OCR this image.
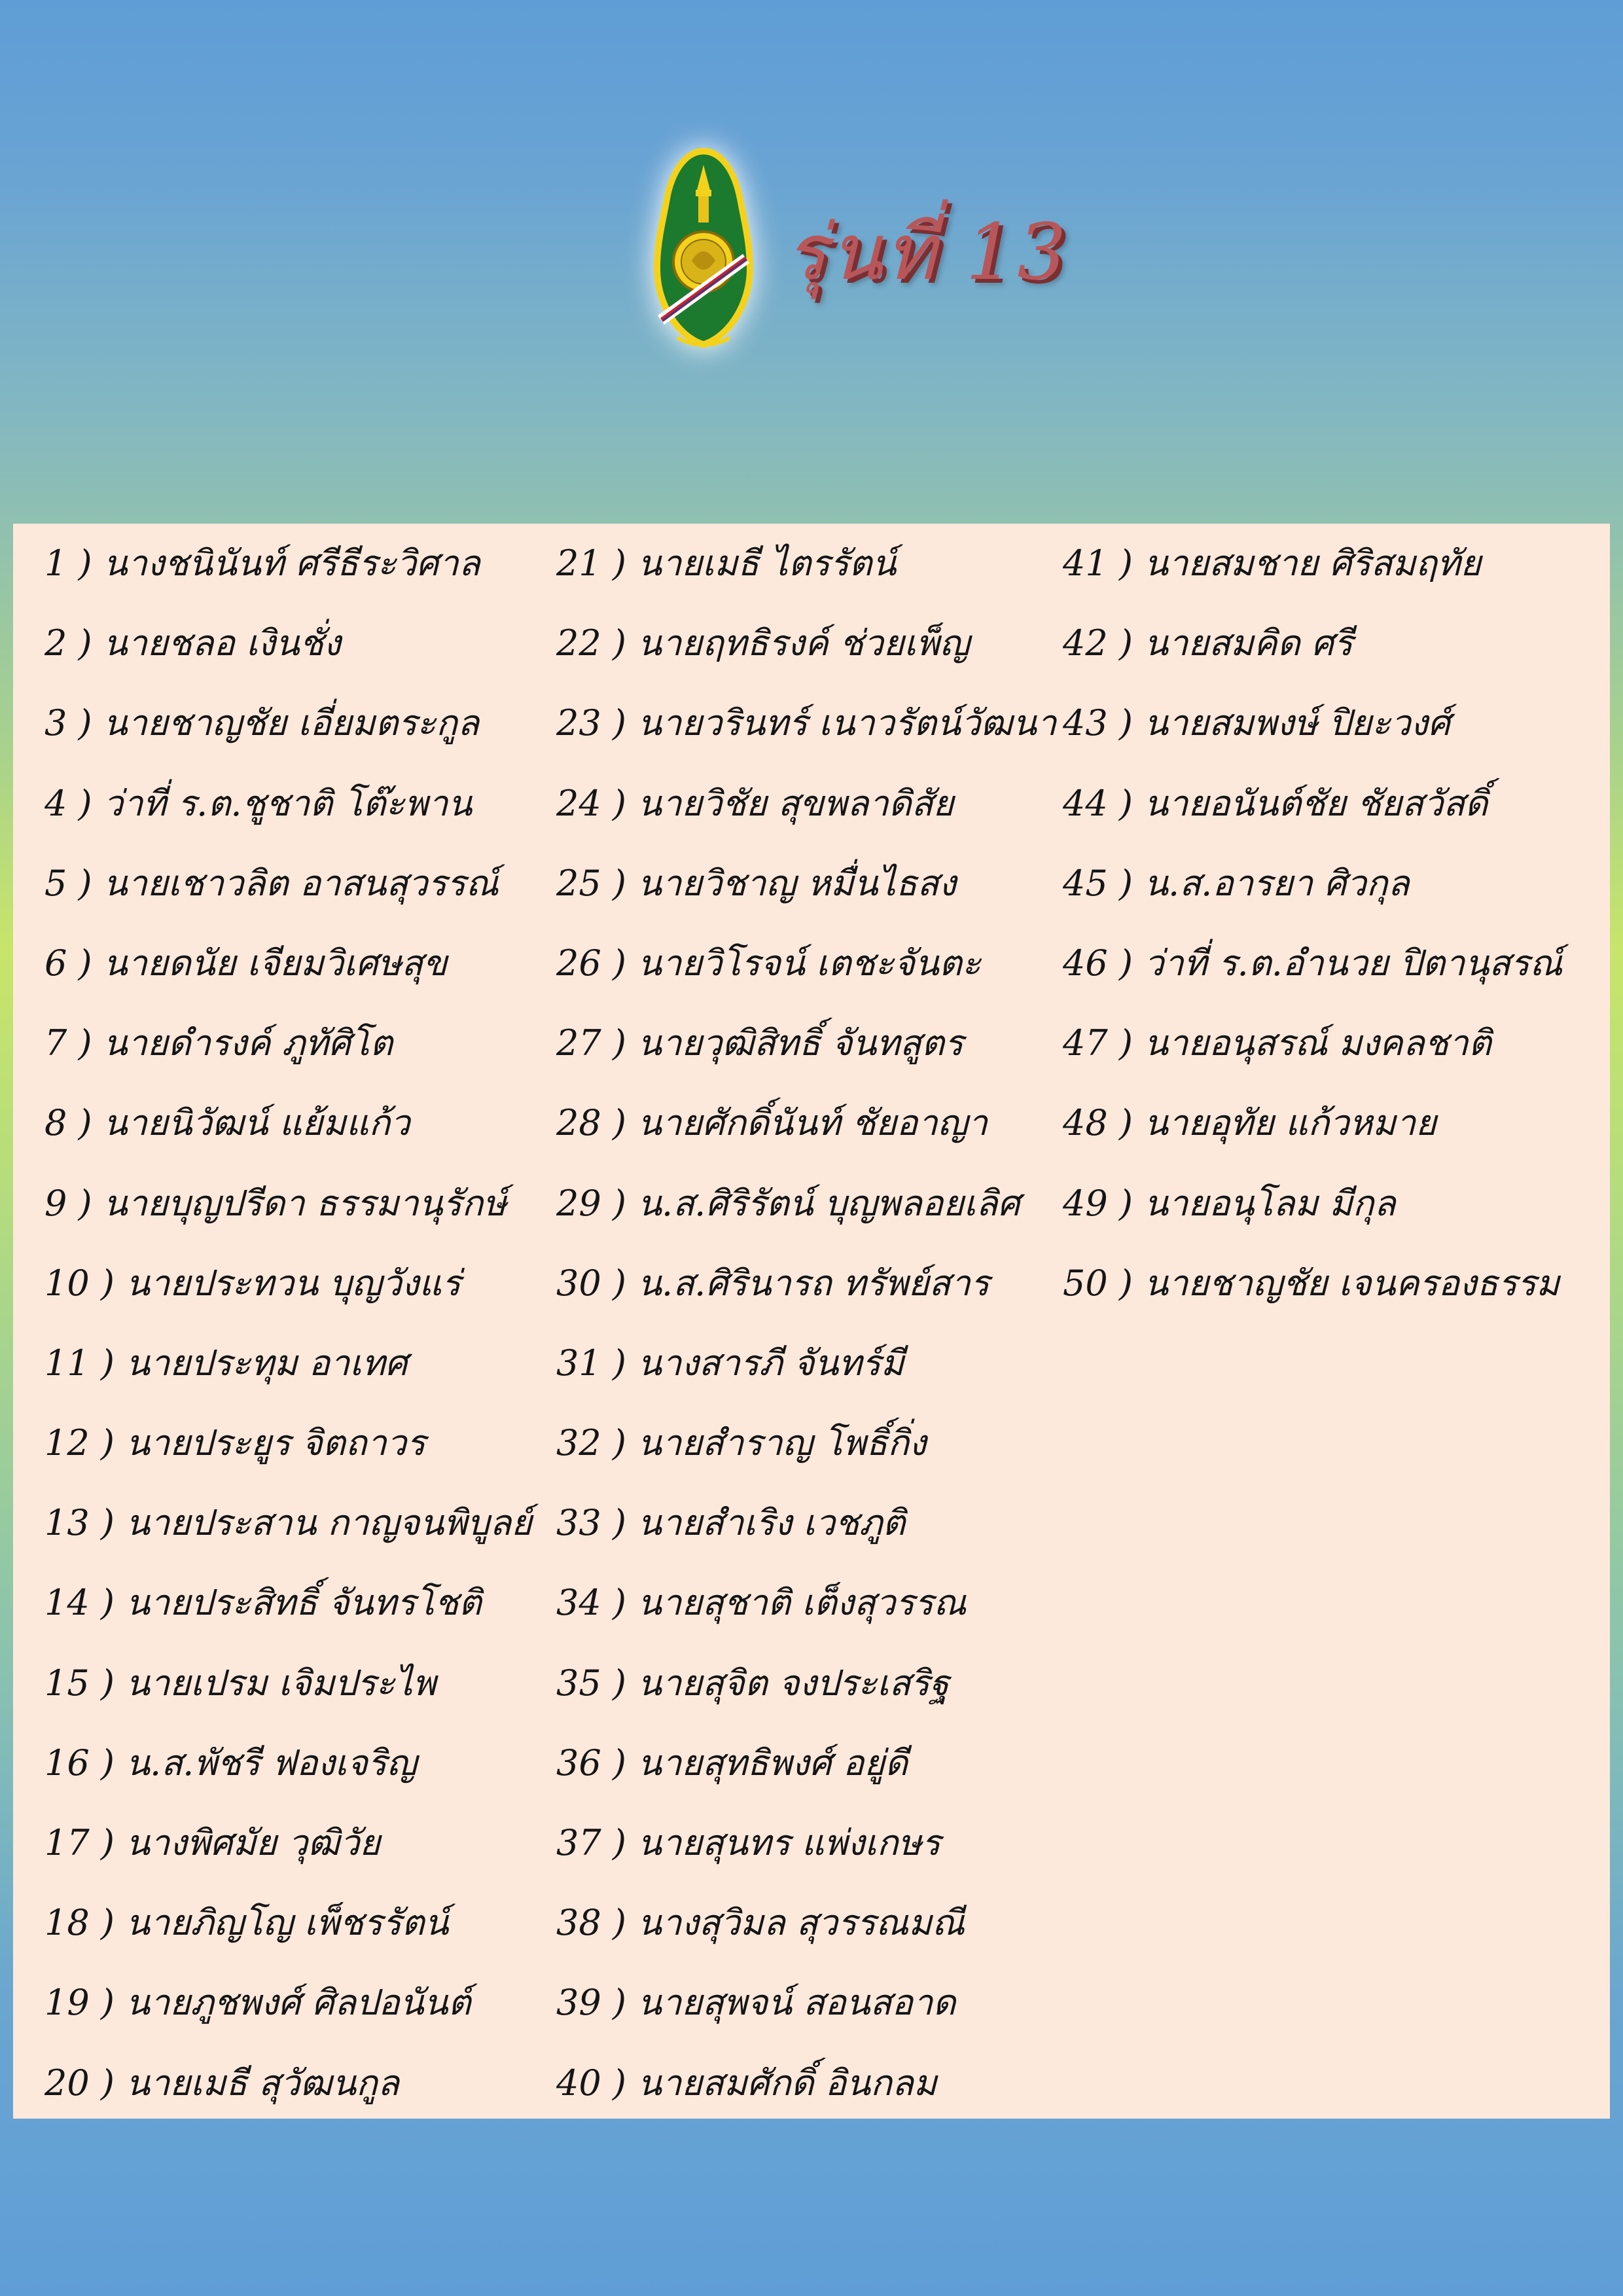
รุ่นที่ 13
1 ) นางชนินันท์ ศรีธีระวิศาล
2 ) นายชลอ เงินชั่ง
3 ) นายชาญชัย เอี่ยมตระกูล
4 ) ว่าที่ ร.ต.ชูชาติ โต๊ะพาน
5 ) นายเชาวลิต อาสนสุวรรณ์
6 ) นายดนัย เจียมวิเศษสุข
7 ) นายดำรงค์ ภูทัศิโต
8 ) นายนิวัฒน์ แย้มแก้ว
9 ) นายบุญปรีดา ธรรมานุรักษ์
10 ) นายประทวน บุญวังแร่
11 ) นายประทุม อาเทศ
12 ) นายประยูร จิตถาวร
13 ) นายประสาน กาญจนพิบูลย์
14 ) นายประสิทธิ์ จันทรโชติ
15 ) นายเปรม เจิมประไพ
16 ) น.ส.พัชรี ฟองเจริญ
17 ) นางพิศมัย วุฒิวัย
18 ) นายภิญโญ เพ็ชรรัตน์
19 ) นายภูชพงศ์ ศิลปอนันต์
20 ) นายเมธี สุวัฒนกูล
21 ) นายเมธี ไตรรัตน์
22 ) นายฤทธิรงค์ ช่วยเพ็ญ
23 ) นายวรินทร์ เนาวรัตน์วัฒนา
24 ) นายวิชัย สุขพลาดิสัย
25 ) นายวิชาญ หมื่นไธสง
26 ) นายวิโรจน์ เตชะจันตะ
27 ) นายวุฒิสิทธิ์ จันทสูตร
28 ) นายศักดิ์นันท์ ชัยอาญา
29 ) น.ส.ศิริรัตน์ บุญพลอยเลิศ
30 ) น.ส.ศิรินารถ ทรัพย์สาร
31 ) นางสารภี จันทร์มี
32 ) นายสำราญ โพธิ์กิ่ง
33 ) นายสำเริง เวชภูติ
34 ) นายสุชาติ เต็งสุวรรณ
35 ) นายสุจิต จงประเสริฐ
36 ) นายสุทธิพงศ์ อยู่ดี
37 ) นายสุนทร แพ่งเกษร
38 ) นางสุวิมล สุวรรณมณี
39 ) นายสุพจน์ สอนสอาด
40 ) นายสมศักดิ์ อินกลม
41 ) นายสมชาย ศิริสมฤทัย
42 ) นายสมคิด ศรี
43 ) นายสมพงษ์ ปิยะวงศ์
44 ) นายอนันต์ชัย ชัยสวัสดิ์
45 ) น.ส.อารยา ศิวกุล
46 ) ว่าที่ ร.ต.อำนวย ปิตานุสรณ์
47 ) นายอนุสรณ์ มงคลชาติ
48 ) นายอุทัย แก้วหมาย
49 ) นายอนุโลม มีกุล
50 ) นายชาญชัย เจนครองธรรม
